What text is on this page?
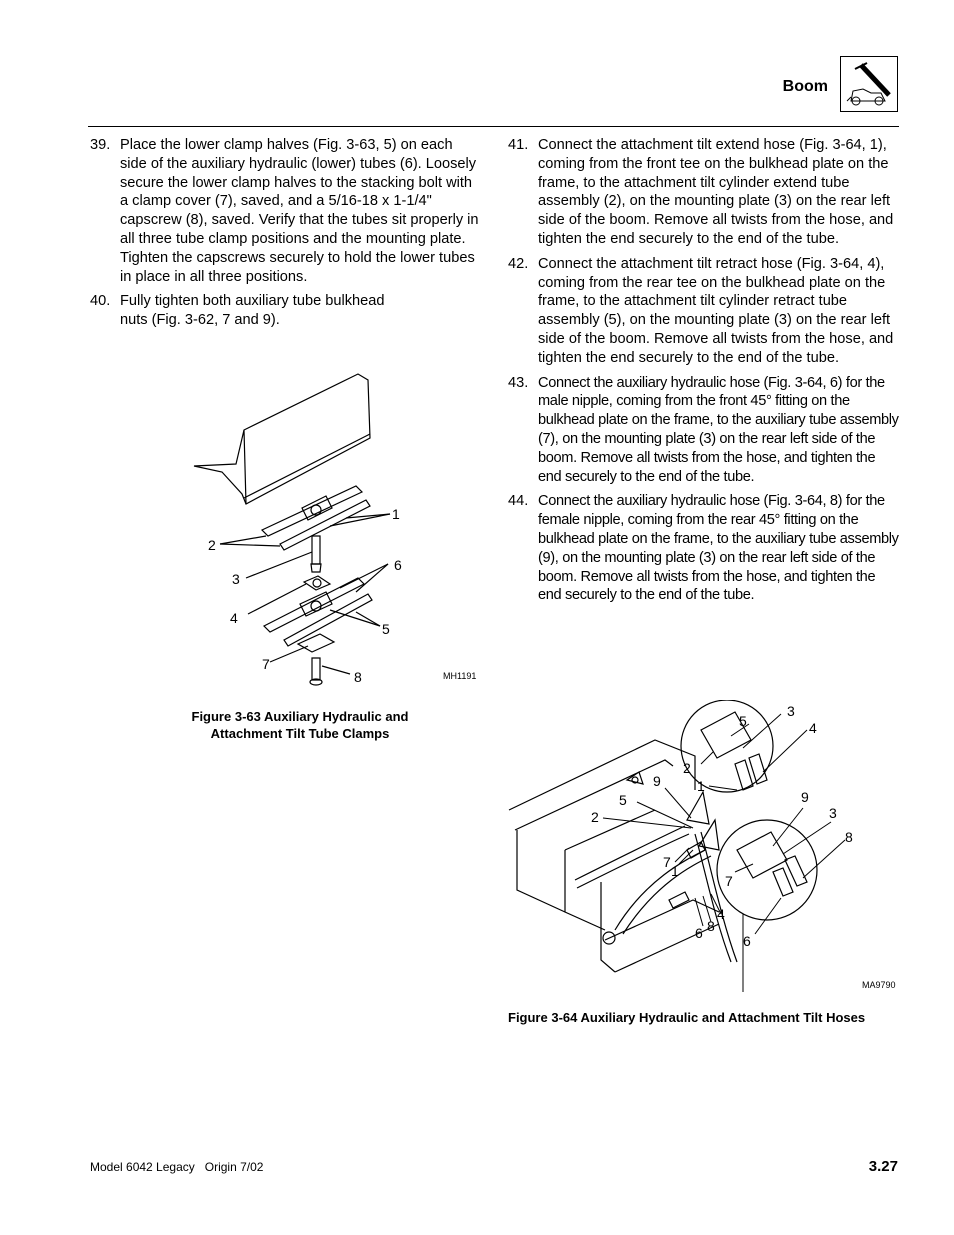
Boom
39. Place the lower clamp halves (Fig. 3-63, 5) on each side of the auxiliary hydraulic (lower) tubes (6). Loosely secure the lower clamp halves to the stacking bolt with a clamp cover (7), saved, and a 5/16-18 x 1-1/4" capscrew (8), saved. Verify that the tubes sit properly in all three tube clamp positions and the mounting plate. Tighten the capscrews securely to hold the lower tubes in place in all three positions.
40. Fully tighten both auxiliary tube bulkhead nuts (Fig. 3-62, 7 and 9).
41. Connect the attachment tilt extend hose (Fig. 3-64, 1), coming from the front tee on the bulkhead plate on the frame, to the attachment tilt cylinder extend tube assembly (2), on the mounting plate (3) on the rear left side of the boom. Remove all twists from the hose, and tighten the end securely to the end of the tube.
42. Connect the attachment tilt retract hose (Fig. 3-64, 4), coming from the rear tee on the bulkhead plate on the frame, to the attachment tilt cylinder retract tube assembly (5), on the mounting plate (3) on the rear left side of the boom. Remove all twists from the hose, and tighten the end securely to the end of the tube.
43. Connect the auxiliary hydraulic hose (Fig. 3-64, 6) for the male nipple, coming from the front 45° fitting on the bulkhead plate on the frame, to the auxiliary tube assembly (7), on the mounting plate (3) on the rear left side of the boom. Remove all twists from the hose, and tighten the end securely to the end of the tube.
44. Connect the auxiliary hydraulic hose (Fig. 3-64, 8) for the female nipple, coming from the rear 45° fitting on the bulkhead plate on the frame, to the auxiliary tube assembly (9), on the mounting plate (3) on the rear left side of the boom. Remove all twists from the hose, and tighten the end securely to the end of the tube.
1
2
3
4
5
6
7
8	MH1191
Figure 3-63 Auxiliary Hydraulic and
Attachment Tilt Tube Clamps
3
4
5
2
1
9
3
8
7
6
9
5
2
7
1
4
8
6
MA9790
Figure 3-64 Auxiliary Hydraulic and Attachment Tilt Hoses
Model 6042 Legacy   Origin 7/02	3.27
